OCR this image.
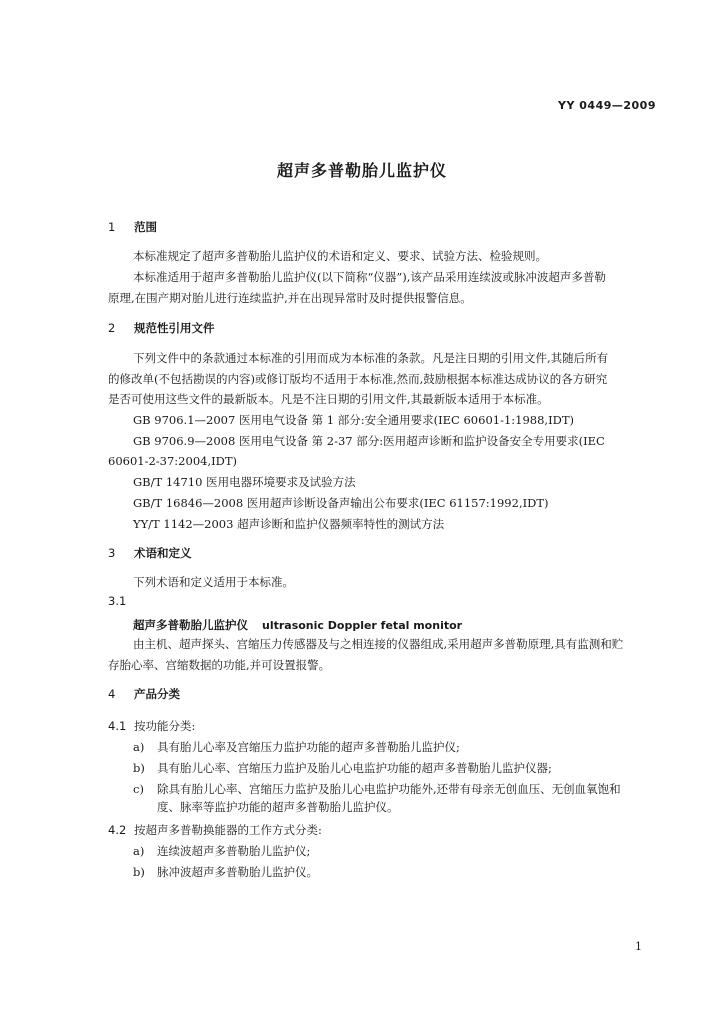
YY 0449—2009
超声多普勒胎儿监护仪
1 范围

本标准规定了超声多普勒胎儿监护仪的术语和定义、要求、试验方法、检验规则。

本标准适用于超声多普勒胎儿监护仪(以下简称“仪器”),该产品采用连续波或脉冲波超声多普勒

原理,在围产期对胎儿进行连续监护,并在出现异常时及时提供报警信息。

2 规范性引用文件

下列文件中的条款通过本标准的引用而成为本标准的条款。凡是注日期的引用文件,其随后所有

的修改单(不包括勘误的内容)或修订版均不适用于本标准,然而,鼓励根据本标准达成协议的各方研究

是否可使用这些文件的最新版本。凡是不注日期的引用文件,其最新版本适用于本标准。

GB 9706.1—2007 医用电气设备 第 1 部分:安全通用要求(IEC 60601-1:1988,IDT)

GB 9706.9—2008 医用电气设备 第 2-37 部分:医用超声诊断和监护设备安全专用要求(IEC

60601-2-37:2004,IDT)

GB/T 14710 医用电器环境要求及试验方法

GB/T 16846—2008 医用超声诊断设备声输出公布要求(IEC 61157:1992,IDT)

YY/T 1142—2003 超声诊断和监护仪器频率特性的测试方法

3 术语和定义

下列术语和定义适用于本标准。

3.1
超声多普勒胎儿监护仪 ultrasonic Doppler fetal monitor

由主机、超声探头、宫缩压力传感器及与之相连接的仪器组成,采用超声多普勒原理,具有监测和贮

存胎心率、宫缩数据的功能,并可设置报警。

4 产品分类
4.1 按功能分类:
a) 具有胎儿心率及宫缩压力监护功能的超声多普勒胎儿监护仪;
b) 具有胎儿心率、宫缩压力监护及胎儿心电监护功能的超声多普勒胎儿监护仪器;
c) 除具有胎儿心率、宫缩压力监护及胎儿心电监护功能外,还带有母亲无创血压、无创血氧饱和

度、脉率等监护功能的超声多普勒胎儿监护仪。

4.2 按超声多普勒换能器的工作方式分类:
a) 连续波超声多普勒胎儿监护仪;
b) 脉冲波超声多普勒胎儿监护仪。
1
